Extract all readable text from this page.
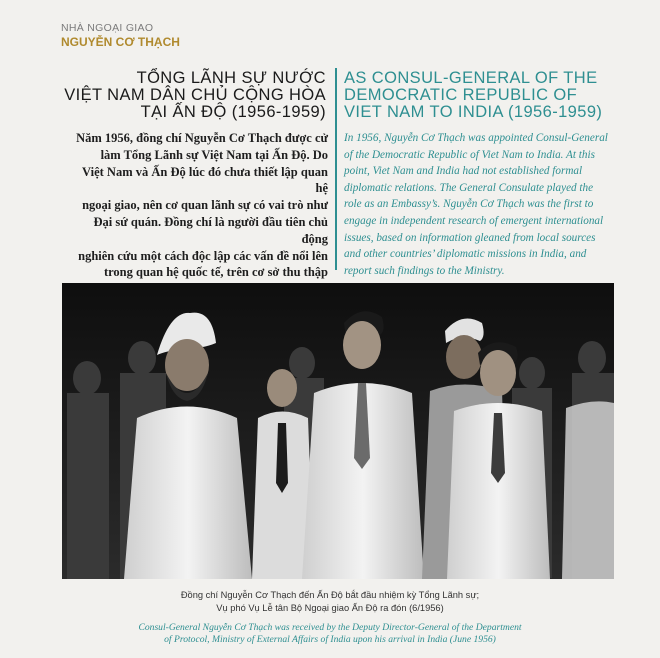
NHÀ NGOẠI GIAO
NGUYỄN CƠ THẠCH
TỔNG LÃNH SỰ NƯỚC
VIỆT NAM DÂN CHỦ CỘNG HÒA
TẠI ẤN ĐỘ (1956-1959)
AS CONSUL-GENERAL OF THE
DEMOCRATIC REPUBLIC OF
VIET NAM TO INDIA (1956-1959)
Năm 1956, đồng chí Nguyễn Cơ Thạch được cử
làm Tổng Lãnh sự Việt Nam tại Ấn Độ. Do
Việt Nam và Ấn Độ lúc đó chưa thiết lập quan hệ
ngoại giao, nên cơ quan lãnh sự có vai trò như
Đại sứ quán. Đồng chí là người đầu tiên chủ động
nghiên cứu một cách độc lập các vấn đề nổi lên
trong quan hệ quốc tế, trên cơ sở thu thập
In 1956, Nguyễn Cơ Thạch was appointed Consul-General
of the Democratic Republic of Viet Nam to India. At this
point, Viet Nam and India had not established formal
diplomatic relations. The General Consulate played the
role as an Embassy’s. Nguyễn Cơ Thạch was the first to
engage in independent research of emergent international
issues, based on information gleaned from local sources
and other countries’ diplomatic missions in India, and
report such findings to the Ministry.
Đồng chí Nguyễn Cơ Thạch đến Ấn Độ bắt đầu nhiệm kỳ Tổng Lãnh sự;
Vụ phó Vụ Lễ tân Bộ Ngoại giao Ấn Độ ra đón (6/1956)
Consul-General Nguyễn Cơ Thạch was received by the Deputy Director-General of the Department
of Protocol, Ministry of External Affairs of India upon his arrival in India (June 1956)
